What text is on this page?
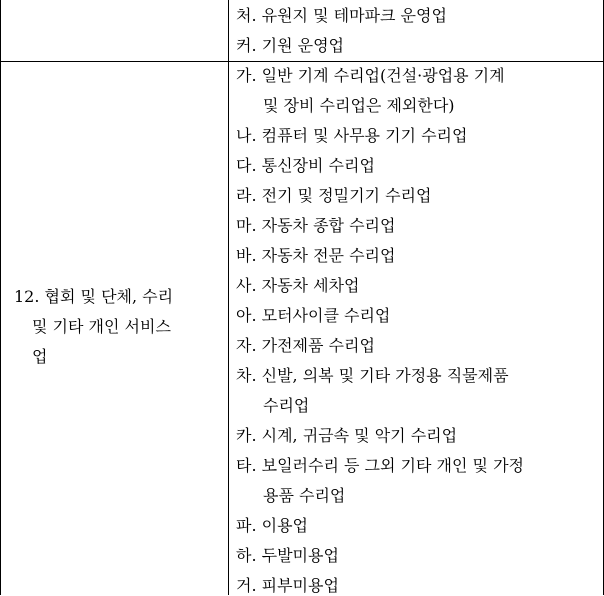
처. 유원지 및 테마파크 운영업
커. 기원 운영업
12. 협회 및 단체, 수리
및 기타 개인 서비스
업
가. 일반 기계 수리업(건설·광업용 기계
및 장비 수리업은 제외한다)
나. 컴퓨터 및 사무용 기기 수리업
다. 통신장비 수리업
라. 전기 및 정밀기기 수리업
마. 자동차 종합 수리업
바. 자동차 전문 수리업
사. 자동차 세차업
아. 모터사이클 수리업
자. 가전제품 수리업
차. 신발, 의복 및 기타 가정용 직물제품
수리업
카. 시계, 귀금속 및 악기 수리업
타. 보일러수리 등 그외 기타 개인 및 가정
용품 수리업
파. 이용업
하. 두발미용업
거. 피부미용업
